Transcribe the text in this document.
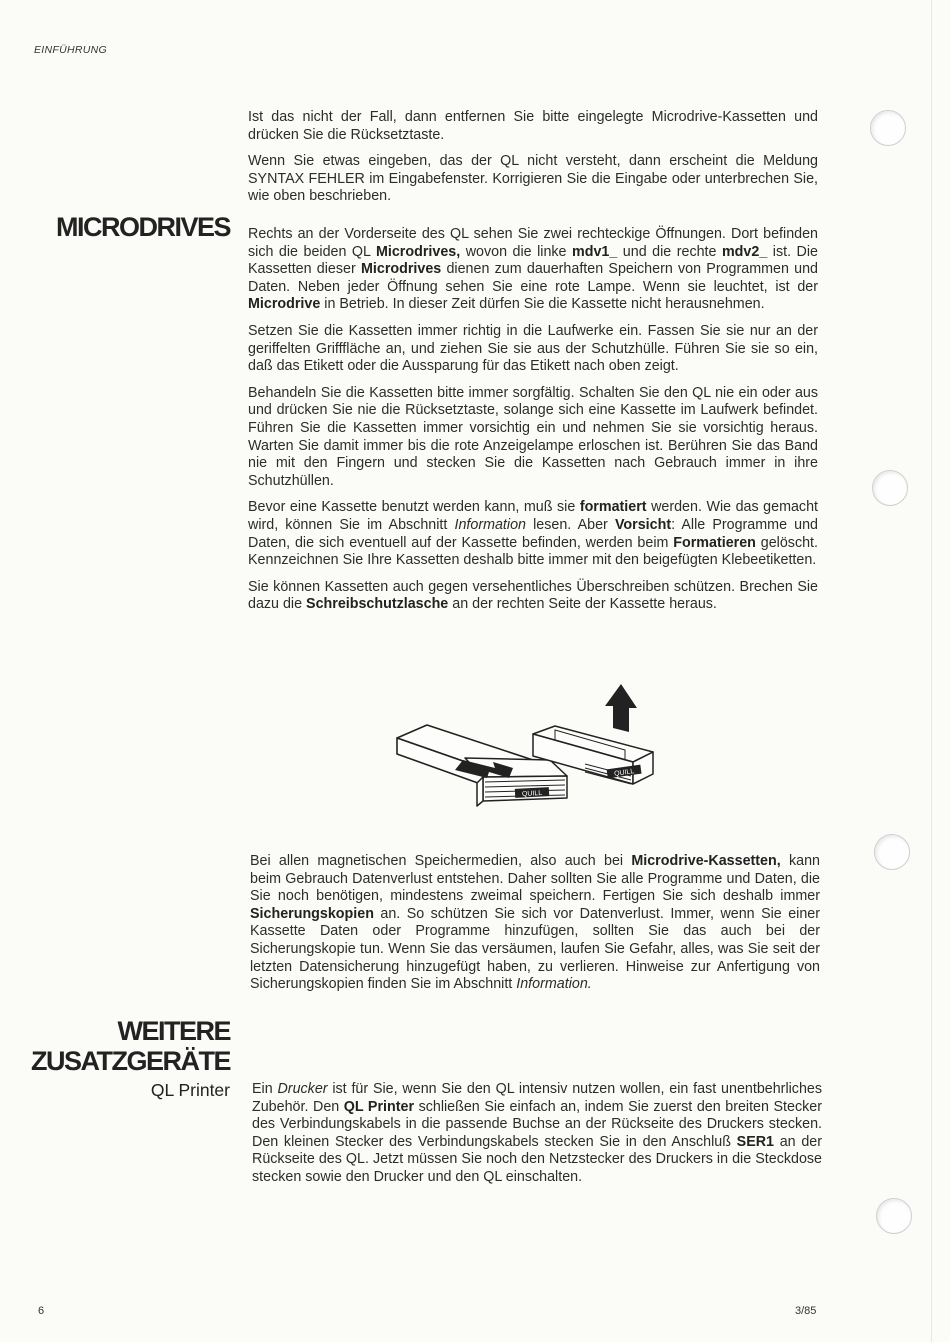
EINFÜHRUNG

Ist das nicht der Fall, dann entfernen Sie bitte eingelegte Microdrive-Kassetten und drücken Sie die Rücksetztaste.

Wenn Sie etwas eingeben, das der QL nicht versteht, dann erscheint die Meldung SYNTAX FEHLER im Eingabefenster. Korrigieren Sie die Eingabe oder unterbrechen Sie, wie oben beschrieben.

MICRODRIVES Rechts an der Vorderseite des QL sehen Sie zwei rechteckige Öffnungen. Dort befinden sich die beiden QL Microdrives, wovon die linke mdv1_ und die rechte mdv2_ ist. Die Kassetten dieser Microdrives dienen zum dauerhaften Speichern von Programmen und Daten. Neben jeder Öffnung sehen Sie eine rote Lampe. Wenn sie leuchtet, ist der Microdrive in Betrieb. In dieser Zeit dürfen Sie die Kassette nicht herausnehmen.

Setzen Sie die Kassetten immer richtig in die Laufwerke ein. Fassen Sie sie nur an der geriffelten Grifffläche an, und ziehen Sie sie aus der Schutzhülle. Führen Sie sie so ein, daß das Etikett oder die Aussparung für das Etikett nach oben zeigt.

Behandeln Sie die Kassetten bitte immer sorgfältig. Schalten Sie den QL nie ein oder aus und drücken Sie nie die Rücksetztaste, solange sich eine Kassette im Laufwerk befindet. Führen Sie die Kassetten immer vorsichtig ein und nehmen Sie sie vorsichtig heraus. Warten Sie damit immer bis die rote Anzeigelampe erloschen ist. Berühren Sie das Band nie mit den Fingern und stecken Sie die Kassetten nach Gebrauch immer in ihre Schutzhüllen.

Bevor eine Kassette benutzt werden kann, muß sie formatiert werden. Wie das gemacht wird, können Sie im Abschnitt Information lesen. Aber Vorsicht: Alle Programme und Daten, die sich eventuell auf der Kassette befinden, werden beim Formatieren gelöscht. Kennzeichnen Sie Ihre Kassetten deshalb bitte immer mit den beigefügten Klebeetiketten.

Sie können Kassetten auch gegen versehentliches Überschreiben schützen. Brechen Sie dazu die Schreibschutzlasche an der rechten Seite der Kassette heraus.

QUILL
QUILL

Bei allen magnetischen Speichermedien, also auch bei Microdrive-Kassetten, kann beim Gebrauch Datenverlust entstehen. Daher sollten Sie alle Programme und Daten, die Sie noch benötigen, mindestens zweimal speichern. Fertigen Sie sich deshalb immer Sicherungskopien an. So schützen Sie sich vor Datenverlust. Immer, wenn Sie einer Kassette Daten oder Programme hinzufügen, sollten Sie das auch bei der Sicherungskopie tun. Wenn Sie das versäumen, laufen Sie Gefahr, alles, was Sie seit der letzten Datensicherung hinzugefügt haben, zu verlieren. Hinweise zur Anfertigung von Sicherungskopien finden Sie im Abschnitt Information.

WEITERE
ZUSATZGERÄTE
QL Printer Ein Drucker ist für Sie, wenn Sie den QL intensiv nutzen wollen, ein fast unentbehrliches Zubehör. Den QL Printer schließen Sie einfach an, indem Sie zuerst den breiten Stecker des Verbindungskabels in die passende Buchse an der Rückseite des Druckers stecken. Den kleinen Stecker des Verbindungskabels stecken Sie in den Anschluß SER1 an der Rückseite des QL. Jetzt müssen Sie noch den Netzstecker des Druckers in die Steckdose stecken sowie den Drucker und den QL einschalten.

6	3/85
